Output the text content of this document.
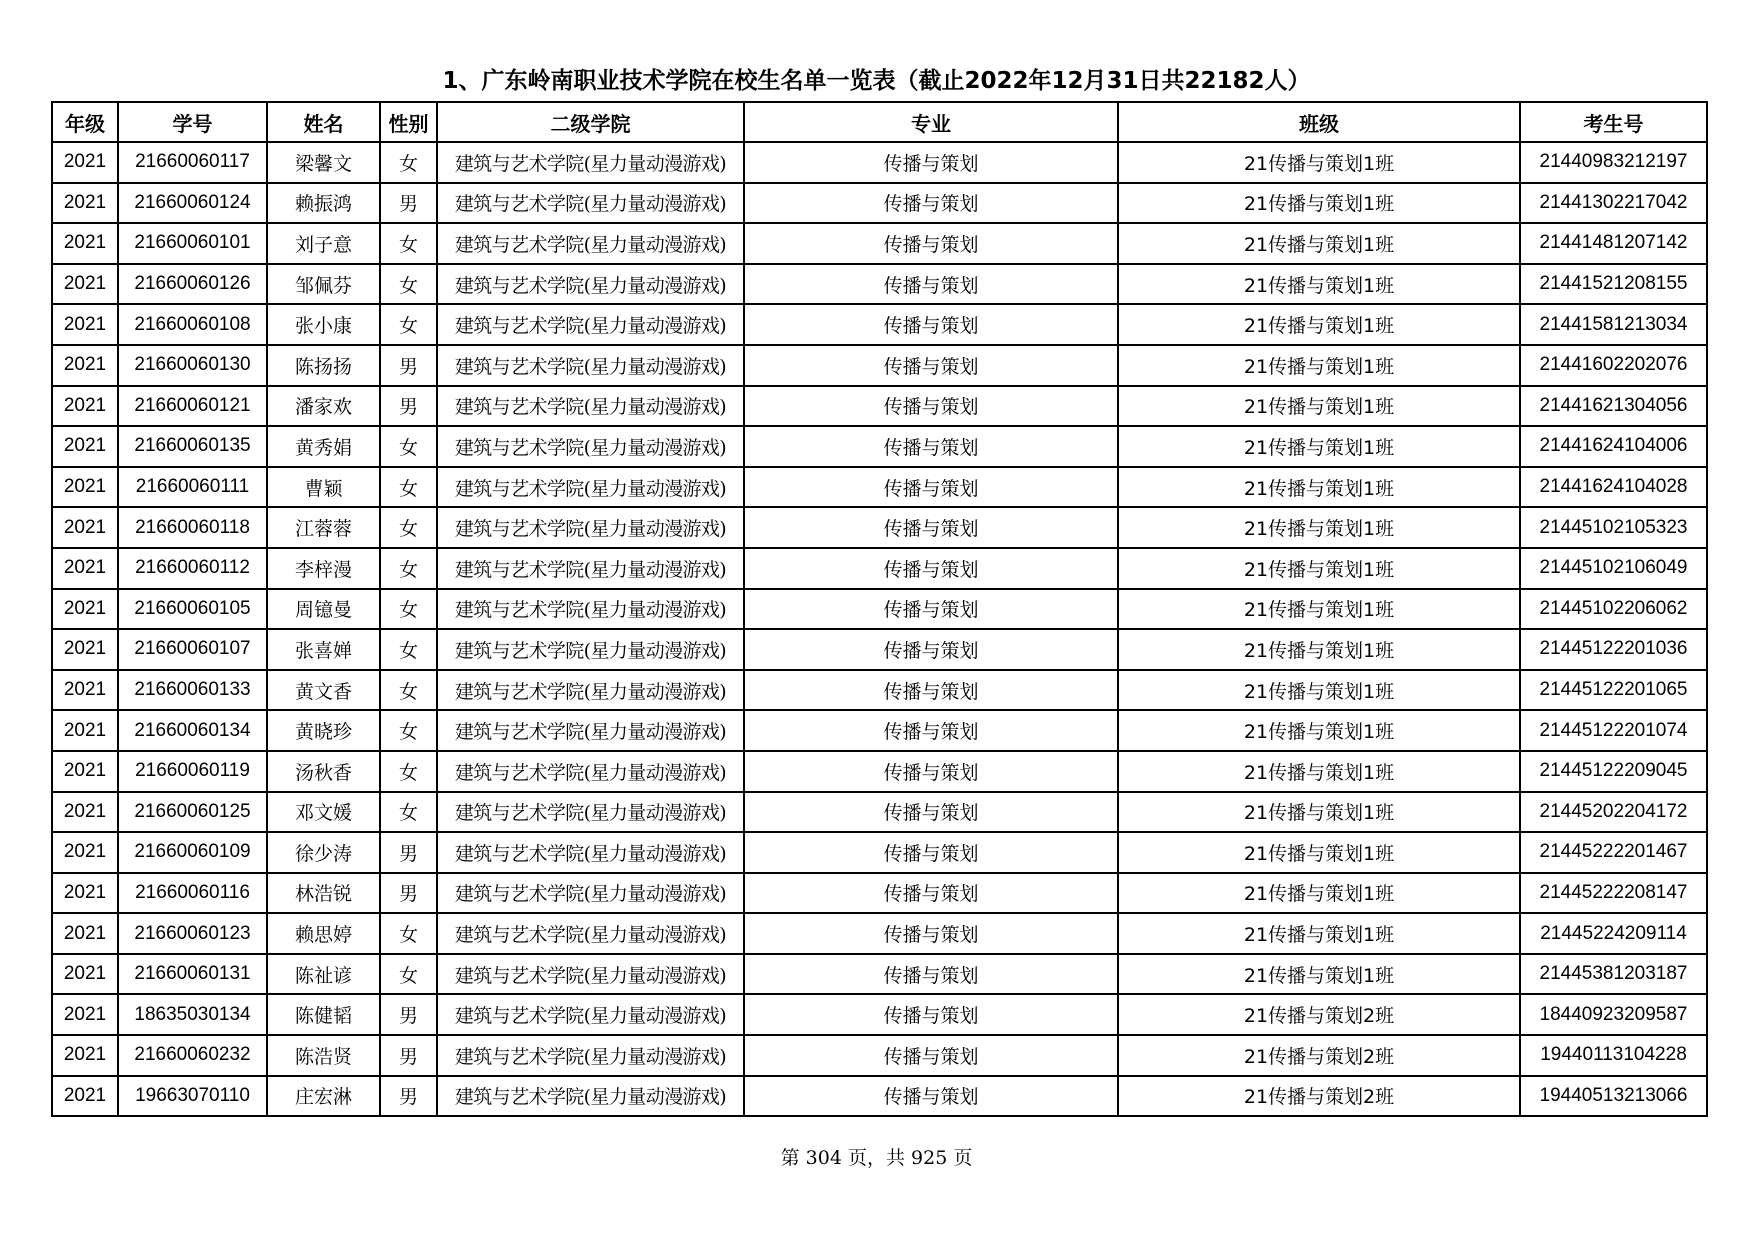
1、广东岭南职业技术学院在校生名单一览表（截止2022年12月31日共22182人）
年级	学号	姓名	性别	二级学院	专业	班级	考生号
2021	21660060117	梁馨文	女	建筑与艺术学院(星力量动漫游戏)	传播与策划	21传播与策划1班	21440983212197
2021	21660060124	赖振鸿	男	建筑与艺术学院(星力量动漫游戏)	传播与策划	21传播与策划1班	21441302217042
2021	21660060101	刘子意	女	建筑与艺术学院(星力量动漫游戏)	传播与策划	21传播与策划1班	21441481207142
2021	21660060126	邹佩芬	女	建筑与艺术学院(星力量动漫游戏)	传播与策划	21传播与策划1班	21441521208155
2021	21660060108	张小康	女	建筑与艺术学院(星力量动漫游戏)	传播与策划	21传播与策划1班	21441581213034
2021	21660060130	陈扬扬	男	建筑与艺术学院(星力量动漫游戏)	传播与策划	21传播与策划1班	21441602202076
2021	21660060121	潘家欢	男	建筑与艺术学院(星力量动漫游戏)	传播与策划	21传播与策划1班	21441621304056
2021	21660060135	黄秀娟	女	建筑与艺术学院(星力量动漫游戏)	传播与策划	21传播与策划1班	21441624104006
2021	21660060111	曹颖	女	建筑与艺术学院(星力量动漫游戏)	传播与策划	21传播与策划1班	21441624104028
2021	21660060118	江蓉蓉	女	建筑与艺术学院(星力量动漫游戏)	传播与策划	21传播与策划1班	21445102105323
2021	21660060112	李梓漫	女	建筑与艺术学院(星力量动漫游戏)	传播与策划	21传播与策划1班	21445102106049
2021	21660060105	周镱曼	女	建筑与艺术学院(星力量动漫游戏)	传播与策划	21传播与策划1班	21445102206062
2021	21660060107	张喜婵	女	建筑与艺术学院(星力量动漫游戏)	传播与策划	21传播与策划1班	21445122201036
2021	21660060133	黄文香	女	建筑与艺术学院(星力量动漫游戏)	传播与策划	21传播与策划1班	21445122201065
2021	21660060134	黄晓珍	女	建筑与艺术学院(星力量动漫游戏)	传播与策划	21传播与策划1班	21445122201074
2021	21660060119	汤秋香	女	建筑与艺术学院(星力量动漫游戏)	传播与策划	21传播与策划1班	21445122209045
2021	21660060125	邓文媛	女	建筑与艺术学院(星力量动漫游戏)	传播与策划	21传播与策划1班	21445202204172
2021	21660060109	徐少涛	男	建筑与艺术学院(星力量动漫游戏)	传播与策划	21传播与策划1班	21445222201467
2021	21660060116	林浩锐	男	建筑与艺术学院(星力量动漫游戏)	传播与策划	21传播与策划1班	21445222208147
2021	21660060123	赖思婷	女	建筑与艺术学院(星力量动漫游戏)	传播与策划	21传播与策划1班	21445224209114
2021	21660060131	陈祉谚	女	建筑与艺术学院(星力量动漫游戏)	传播与策划	21传播与策划1班	21445381203187
2021	18635030134	陈健韬	男	建筑与艺术学院(星力量动漫游戏)	传播与策划	21传播与策划2班	18440923209587
2021	21660060232	陈浩贤	男	建筑与艺术学院(星力量动漫游戏)	传播与策划	21传播与策划2班	19440113104228
2021	19663070110	庄宏淋	男	建筑与艺术学院(星力量动漫游戏)	传播与策划	21传播与策划2班	19440513213066
第 304 页，共 925 页
